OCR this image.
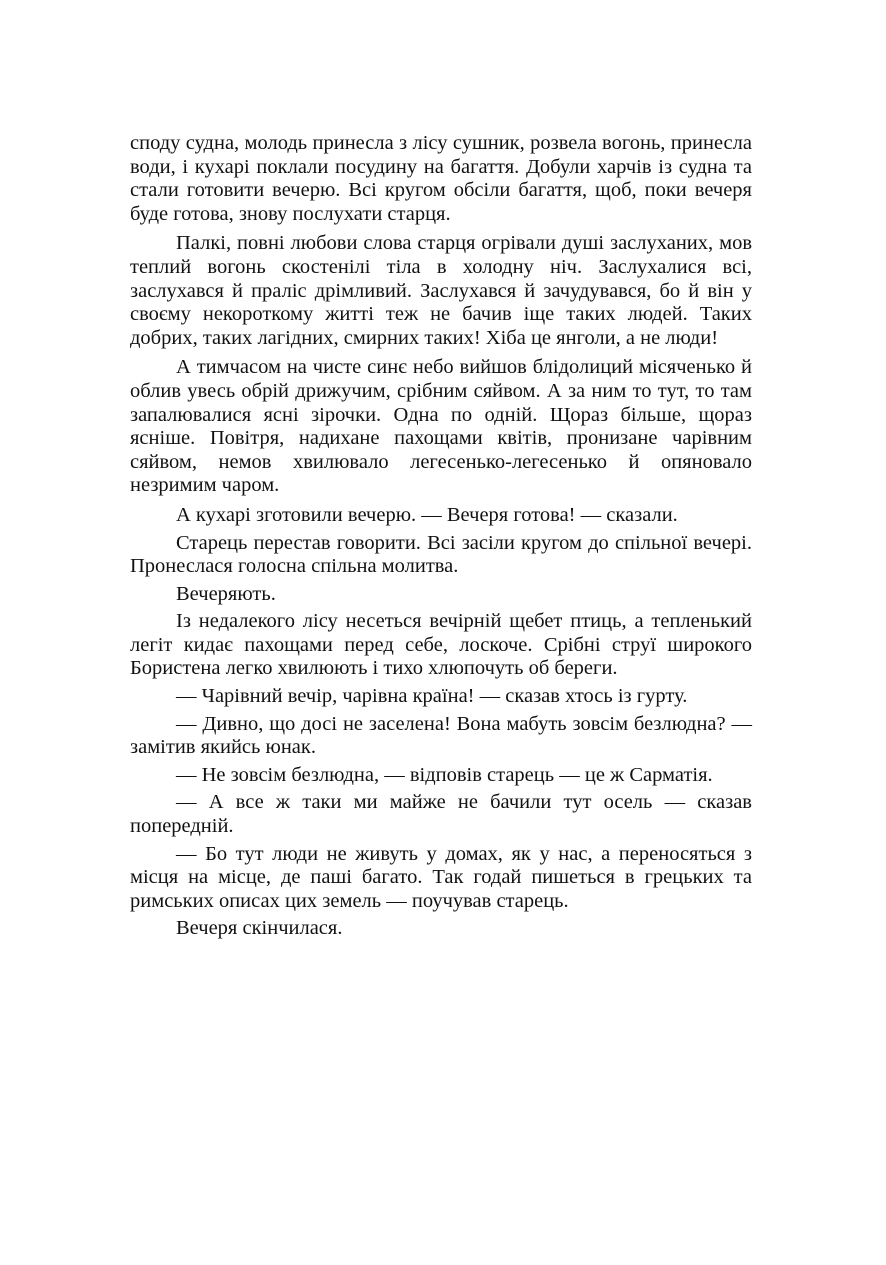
споду судна, молодь принесла з лісу сушник, розвела вогонь, принесла води, і кухарі поклали посудину на багаття. Добули харчів із судна та стали готовити вечерю. Всі кругом обсіли багаття, щоб, поки вечеря буде готова, знову послухати старця.

Палкі, повні любови слова старця огрівали душі заслуханих, мов теплий вогонь скостенілі тіла в холодну ніч. Заслухалися всі, заслухався й праліс дрімливий. Заслухався й зачудувався, бо й він у своєму некороткому житті теж не бачив іще таких людей. Таких добрих, таких лагідних, смирних таких! Хіба це янголи, а не люди!

А тимчасом на чисте синє небо вийшов блідолиций місяченько й облив увесь обрій дрижучим, срібним сяйвом. А за ним то тут, то там запалювалися ясні зірочки. Одна по одній. Щораз більше, щораз ясніше. Повітря, надихане пахощами квітів, пронизане чарівним сяйвом, немов хвилювало легесенько-легесенько й опяновало незримим чаром.

А кухарі зготовили вечерю. — Вечеря готова! — сказали.

Старець перестав говорити. Всі засіли кругом до спільної вечері. Пронеслася голосна спільна молитва.

Вечеряють.

Із недалекого лісу несеться вечірній щебет птиць, а тепленький легіт кидає пахощами перед себе, лоскоче. Срібні струї широкого Бористена легко хвилюють і тихо хлюпочуть об береги.

— Чарівний вечір, чарівна країна! — сказав хтось із гурту.

— Дивно, що досі не заселена! Вона мабуть зовсім безлюдна? — замітив якийсь юнак.

— Не зовсім безлюдна, — відповів старець — це ж Сарматія.

— А все ж таки ми майже не бачили тут осель — сказав попередній.

— Бо тут люди не живуть у домах, як у нас, а переносяться з місця на місце, де паші багато. Так годай пишеться в грецьких та римських описах цих земель — поучував старець.

Вечеря скінчилася.
